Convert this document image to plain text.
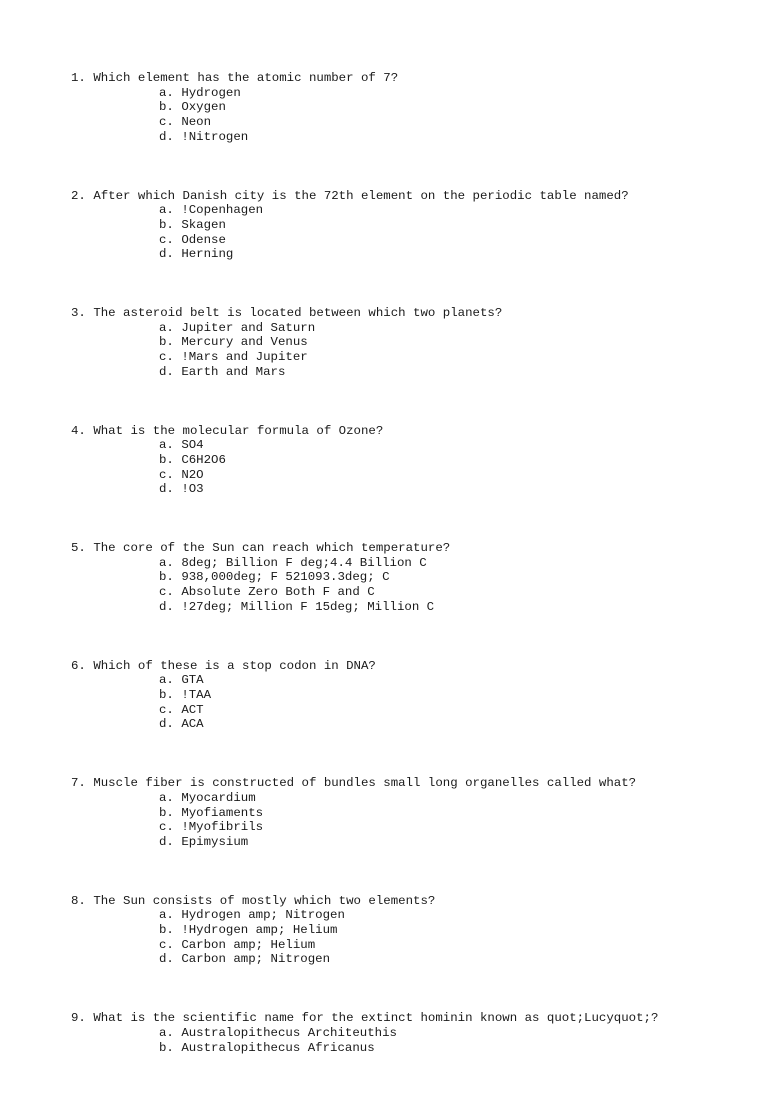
1. Which element has the atomic number of 7?
a. Hydrogen
b. Oxygen
c. Neon
d. !Nitrogen
2. After which Danish city is the 72th element on the periodic table named?
a. !Copenhagen
b. Skagen
c. Odense
d. Herning
3. The asteroid belt is located between which two planets?
a. Jupiter and Saturn
b. Mercury and Venus
c. !Mars and Jupiter
d. Earth and Mars
4. What is the molecular formula of Ozone?
a. SO4
b. C6H2O6
c. N2O
d. !O3
5. The core of the Sun can reach which temperature?
a. 8deg; Billion F deg;4.4 Billion C
b. 938,000deg; F 521093.3deg; C
c. Absolute Zero Both F and C
d. !27deg; Million F 15deg; Million C
6. Which of these is a stop codon in DNA?
a. GTA
b. !TAA
c. ACT
d. ACA
7. Muscle fiber is constructed of bundles small long organelles called what?
a. Myocardium
b. Myofiaments
c. !Myofibrils
d. Epimysium
8. The Sun consists of mostly which two elements?
a. Hydrogen amp; Nitrogen
b. !Hydrogen amp; Helium
c. Carbon amp; Helium
d. Carbon amp; Nitrogen
9. What is the scientific name for the extinct hominin known as quot;Lucyquot;?
a. Australopithecus Architeuthis
b. Australopithecus Africanus
